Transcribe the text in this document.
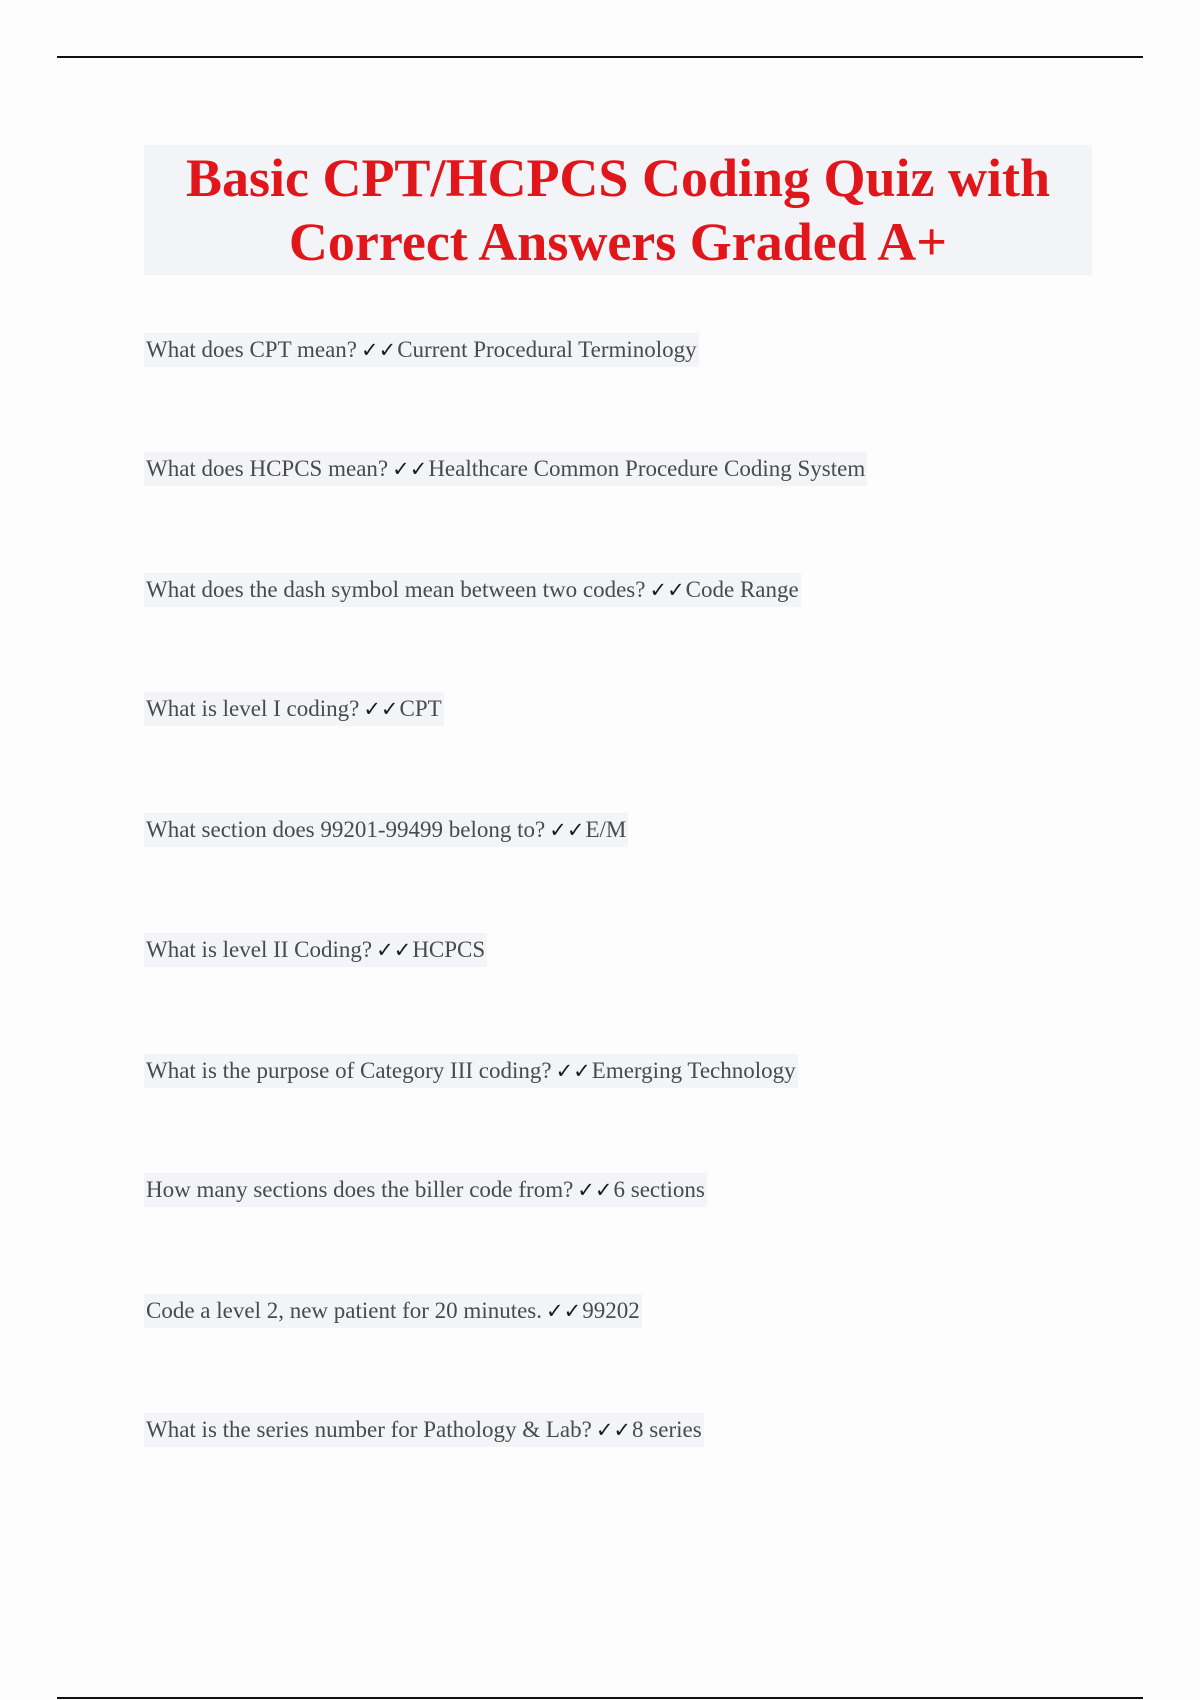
Basic CPT/HCPCS Coding Quiz with
Correct Answers Graded A+
What does CPT mean? ✓✓Current Procedural Terminology
What does HCPCS mean? ✓✓Healthcare Common Procedure Coding System
What does the dash symbol mean between two codes? ✓✓Code Range
What is level I coding? ✓✓CPT
What section does 99201-99499 belong to? ✓✓E/M
What is level II Coding? ✓✓HCPCS
What is the purpose of Category III coding? ✓✓Emerging Technology
How many sections does the biller code from? ✓✓6 sections
Code a level 2, new patient for 20 minutes. ✓✓99202
What is the series number for Pathology & Lab? ✓✓8 series
